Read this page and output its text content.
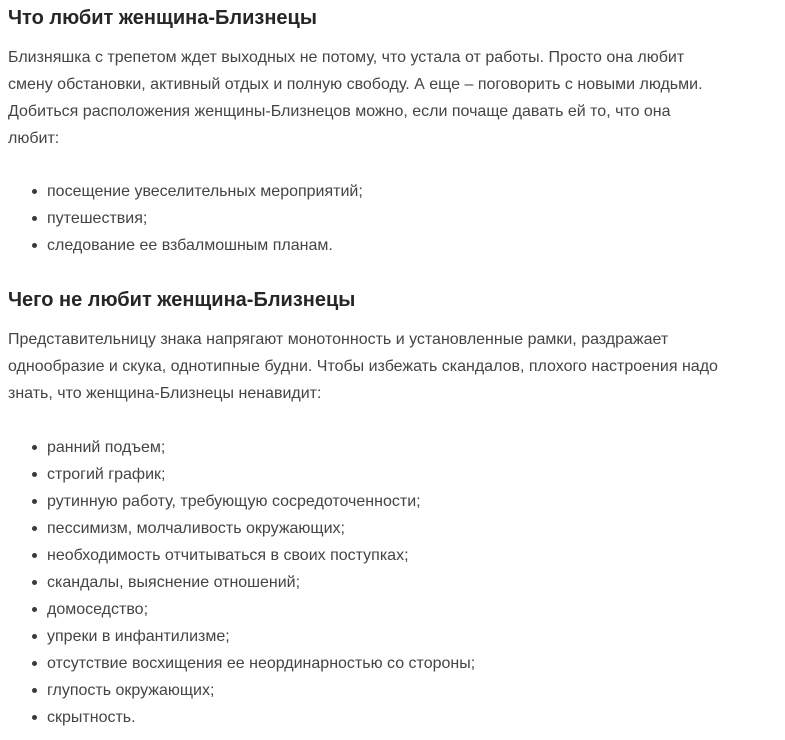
Что любит женщина-Близнецы

Близняшка с трепетом ждет выходных не потому, что устала от работы. Просто она любит
смену обстановки, активный отдых и полную свободу. А еще – поговорить с новыми людьми.
Добиться расположения женщины-Близнецов можно, если почаще давать ей то, что она
любит:

посещение увеселительных мероприятий;
путешествия;
следование ее взбалмошным планам.
Чего не любит женщина-Близнецы

Представительницу знака напрягают монотонность и установленные рамки, раздражает
однообразие и скука, однотипные будни. Чтобы избежать скандалов, плохого настроения надо
знать, что женщина-Близнецы ненавидит:

ранний подъем;
строгий график;
рутинную работу, требующую сосредоточенности;
пессимизм, молчаливость окружающих;
необходимость отчитываться в своих поступках;
скандалы, выяснение отношений;
домоседство;
упреки в инфантилизме;
отсутствие восхищения ее неординарностью со стороны;
глупость окружающих;
скрытность.
